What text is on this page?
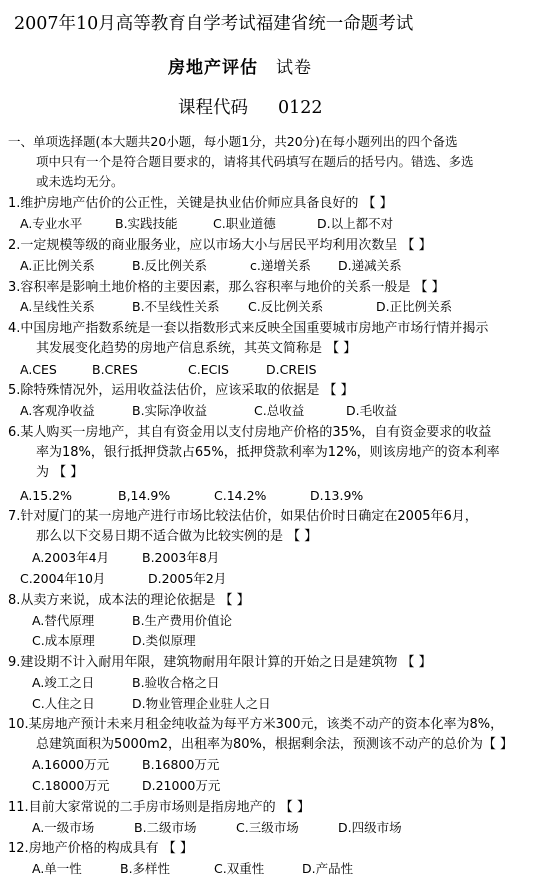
2007年10月高等教育自学考试福建省统一命题考试
房地产评估 试卷
课程代码 0122
一、单项选择题(本大题共20小题，每小题1分，共20分)在每小题列出的四个备选
项中只有一个是符合题目要求的，请将其代码填写在题后的括号内。错选、多选
或未选均无分。
1.维护房地产估价的公正性，关键是执业估价师应具备良好的 【 】
A.专业水平	B.实践技能	C.职业道德	D.以上都不对
2.一定规模等级的商业服务业，应以市场大小与居民平均利用次数呈 【 】
A.正比例关系	B.反比例关系	c.递增关系 D.递减关系
3.容积率是影响土地价格的主要因素，那么容积率与地价的关系一般是 【 】
A.呈线性关系	B.不呈线性关系 C.反比例关系	D.正比例关系
4.中国房地产指数系统是一套以指数形式来反映全国重要城市房地产市场行情并揭示
其发展变化趋势的房地产信息系统，其英文简称是 【 】
A.CES	B.CRES	C.ECIS	D.CREIS
5.除特殊情况外，运用收益法估价，应该采取的依据是 【 】
A.客观净收益	B.实际净收益	C.总收益	D.毛收益
6.某人购买一房地产，其自有资金用以支付房地产价格的35%，自有资金要求的收益
率为18%，银行抵押贷款占65%，抵押贷款利率为12%，则该房地产的资本利率
为 【 】
A.15.2%	B,14.9%	C.14.2%	D.13.9%
7.针对厦门的某一房地产进行市场比较法估价，如果估价时日确定在2005年6月，
那么以下交易日期不适合做为比较实例的是 【 】
A.2003年4月	B.2003年8月
C.2004年10月	D.2005年2月
8.从卖方来说，成本法的理论依据是 【 】
A.替代原理	B.生产费用价值论
C.成本原理	D.类似原理
9.建设期不计入耐用年限，建筑物耐用年限计算的开始之日是建筑物 【 】
A.竣工之日	B.验收合格之日
C.人住之日	D.物业管理企业驻人之日
10.某房地产预计未来月租金纯收益为每平方米300元，该类不动产的资本化率为8%，
总建筑面积为5000m2，出租率为80%，根据剩余法，预测该不动产的总价为【 】
A.16000万元	B.16800万元
C.18000万元	D.21000万元
11.目前大家常说的二手房市场则是指房地产的 【 】
A.一级市场	B.二级市场	C.三级市场	D.四级市场
12.房地产价格的构成具有 【 】
A.单一性	B.多样性	C.双重性	D.产品性
